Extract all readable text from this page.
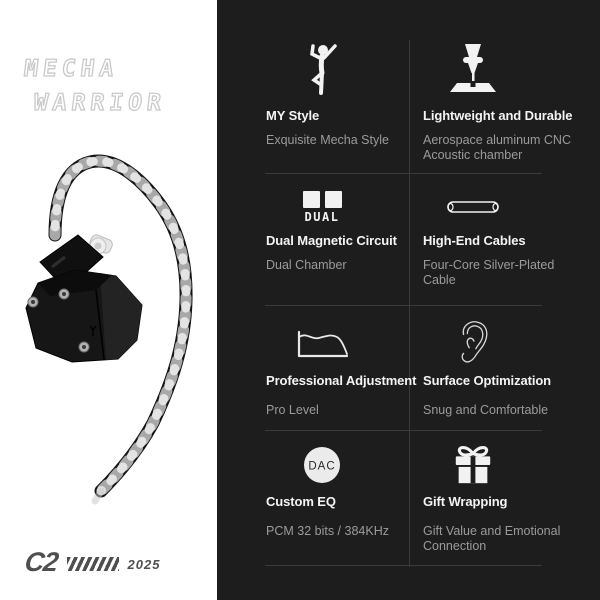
MECHA
WARRIOR
C2	2025
MY Style
Exquisite Mecha Style
Lightweight and Durable
Aerospace aluminum CNC Acoustic chamber
DUAL
Dual Magnetic Circuit
Dual Chamber
High-End Cables
Four-Core Silver-Plated Cable
Professional Adjustment
Pro Level
Surface Optimization
Snug and Comfortable
DAC
Custom EQ
PCM 32 bits / 384KHz
Gift Wrapping
Gift Value and Emotional Connection
